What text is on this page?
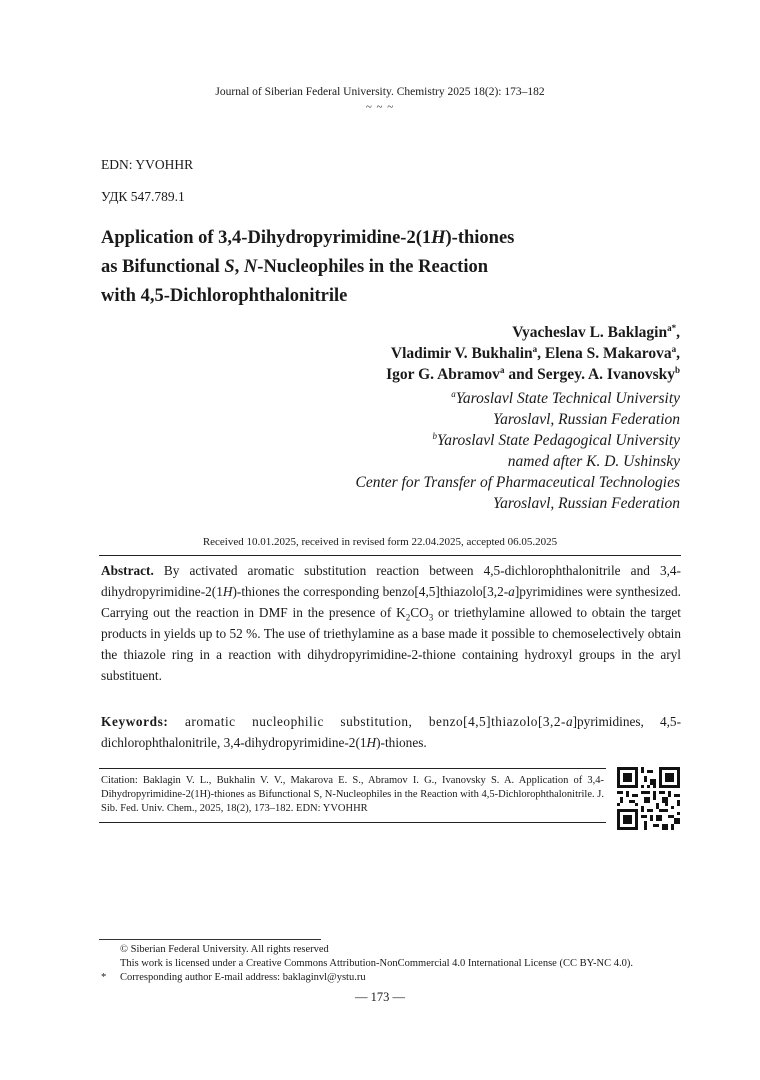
Journal of Siberian Federal University. Chemistry 2025 18(2): 173–182
~ ~ ~
EDN: YVOHHR
УДК 547.789.1
Application of 3,4-Dihydropyrimidine-2(1H)-thiones
as Bifunctional S, N-Nucleophiles in the Reaction
with 4,5-Dichlorophthalonitrile
Vyacheslav L. Baklagin$^{a*}$,
Vladimir V. Bukhalin$^a$, Elena S. Makarova$^a$,
Igor G. Abramov$^a$ and Sergey. A. Ivanovsky$^b$
$^a$Yaroslavl State Technical University
Yaroslavl, Russian Federation
$^b$Yaroslavl State Pedagogical University
named after K. D. Ushinsky
Center for Transfer of Pharmaceutical Technologies
Yaroslavl, Russian Federation
Received 10.01.2025, received in revised form 22.04.2025, accepted 06.05.2025
Abstract. By activated aromatic substitution reaction between 4,5-dichlorophthalonitrile and 3,4-dihydropyrimidine-2(1H)-thiones the corresponding benzo[4,5]thiazolo[3,2-a]pyrimidines were synthesized. Carrying out the reaction in DMF in the presence of $K_2CO_3$ or triethylamine allowed to obtain the target products in yields up to 52 %. The use of triethylamine as a base made it possible to chemoselectively obtain the thiazole ring in a reaction with dihydropyrimidine-2-thione containing hydroxyl groups in the aryl substituent.
Keywords: aromatic nucleophilic substitution, benzo[4,5]thiazolo[3,2-a]pyrimidines, 4,5-dichlorophthalonitrile, 3,4-dihydropyrimidine-2(1H)-thiones.
Citation: Baklagin V. L., Bukhalin V. V., Makarova E. S., Abramov I. G., Ivanovsky S. A. Application of 3,4-Dihydropyrimidine-2(1H)-thiones as Bifunctional S, N-Nucleophiles in the Reaction with 4,5-Dichlorophthalonitrile. J. Sib. Fed. Univ. Chem., 2025, 18(2), 173–182. EDN: YVOHHR
© Siberian Federal University. All rights reserved
This work is licensed under a Creative Commons Attribution-NonCommercial 4.0 International License (CC BY-NC 4.0).
* Corresponding author E-mail address: baklaginvl@ystu.ru
— 173 —
